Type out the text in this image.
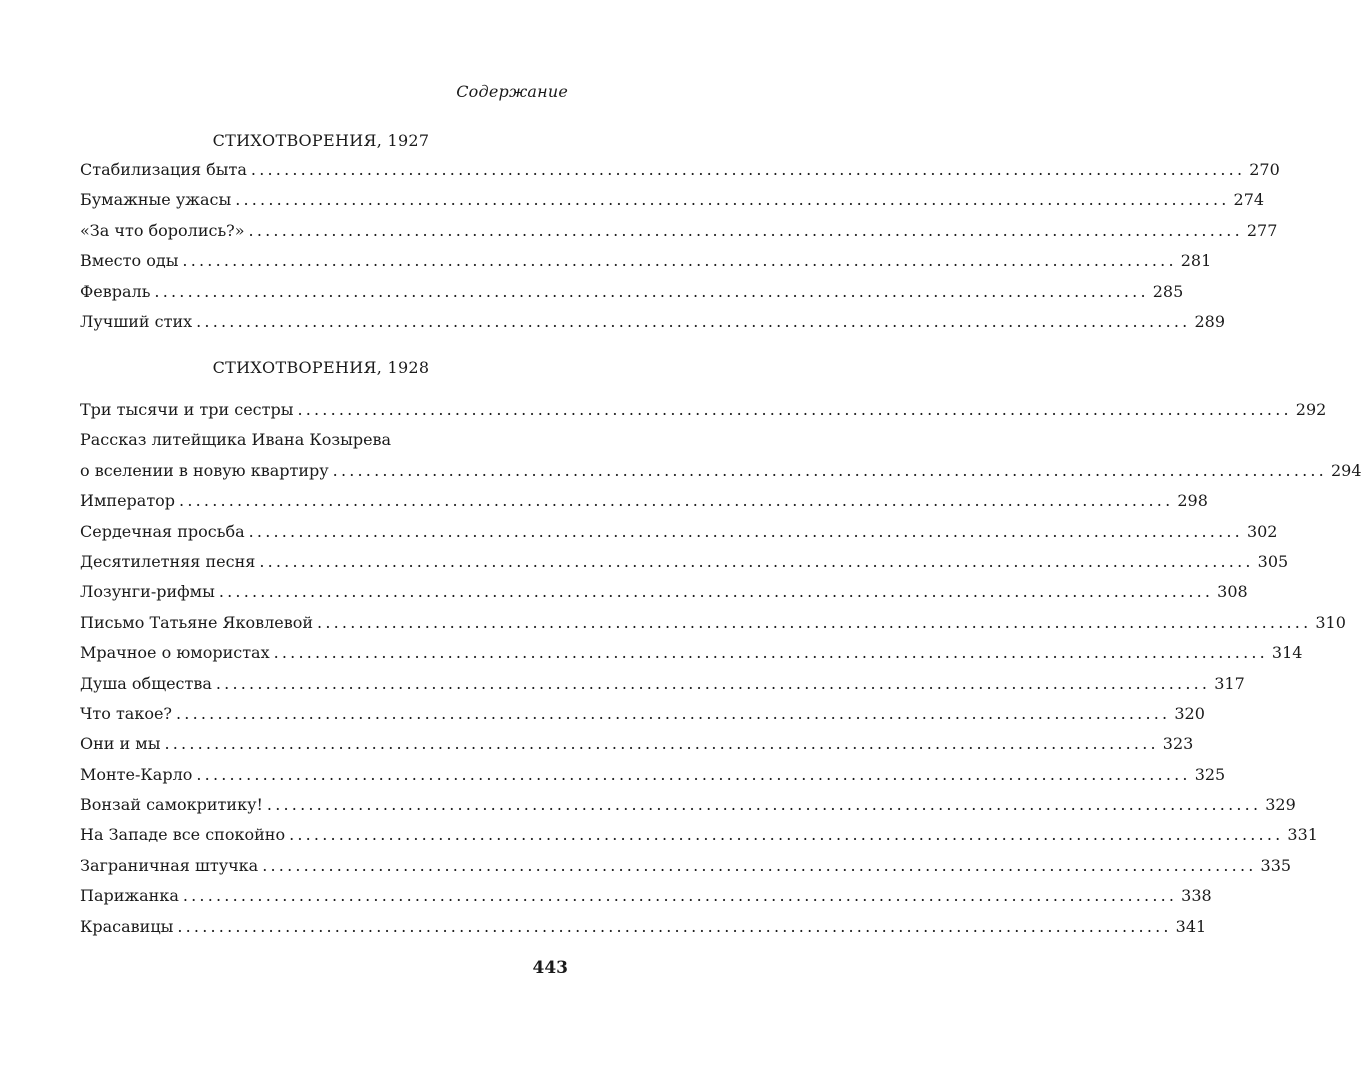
Содержание
СТИХОТВОРЕНИЯ, 1927
Стабилизация быта ........................................................................................................................ 270
Бумажные ужасы ........................................................................................................................ 274
«За что боролись?» ........................................................................................................................ 277
Вместо оды ........................................................................................................................ 281
Февраль ........................................................................................................................ 285
Лучший стих ........................................................................................................................ 289
СТИХОТВОРЕНИЯ, 1928
Три тысячи и три сестры ........................................................................................................................ 292
Рассказ литейщика Ивана Козырева
о вселении в новую квартиру ........................................................................................................................ 294
Император ........................................................................................................................ 298
Сердечная просьба ........................................................................................................................ 302
Десятилетняя песня ........................................................................................................................ 305
Лозунги-рифмы ........................................................................................................................ 308
Письмо Татьяне Яковлевой ........................................................................................................................ 310
Мрачное о юмористах ........................................................................................................................ 314
Душа общества ........................................................................................................................ 317
Что такое? ........................................................................................................................ 320
Они и мы ........................................................................................................................ 323
Монте-Карло ........................................................................................................................ 325
Вонзай самокритику! ........................................................................................................................ 329
На Западе все спокойно ........................................................................................................................ 331
Заграничная штучка ........................................................................................................................ 335
Парижанка ........................................................................................................................ 338
Красавицы ........................................................................................................................ 341
443
